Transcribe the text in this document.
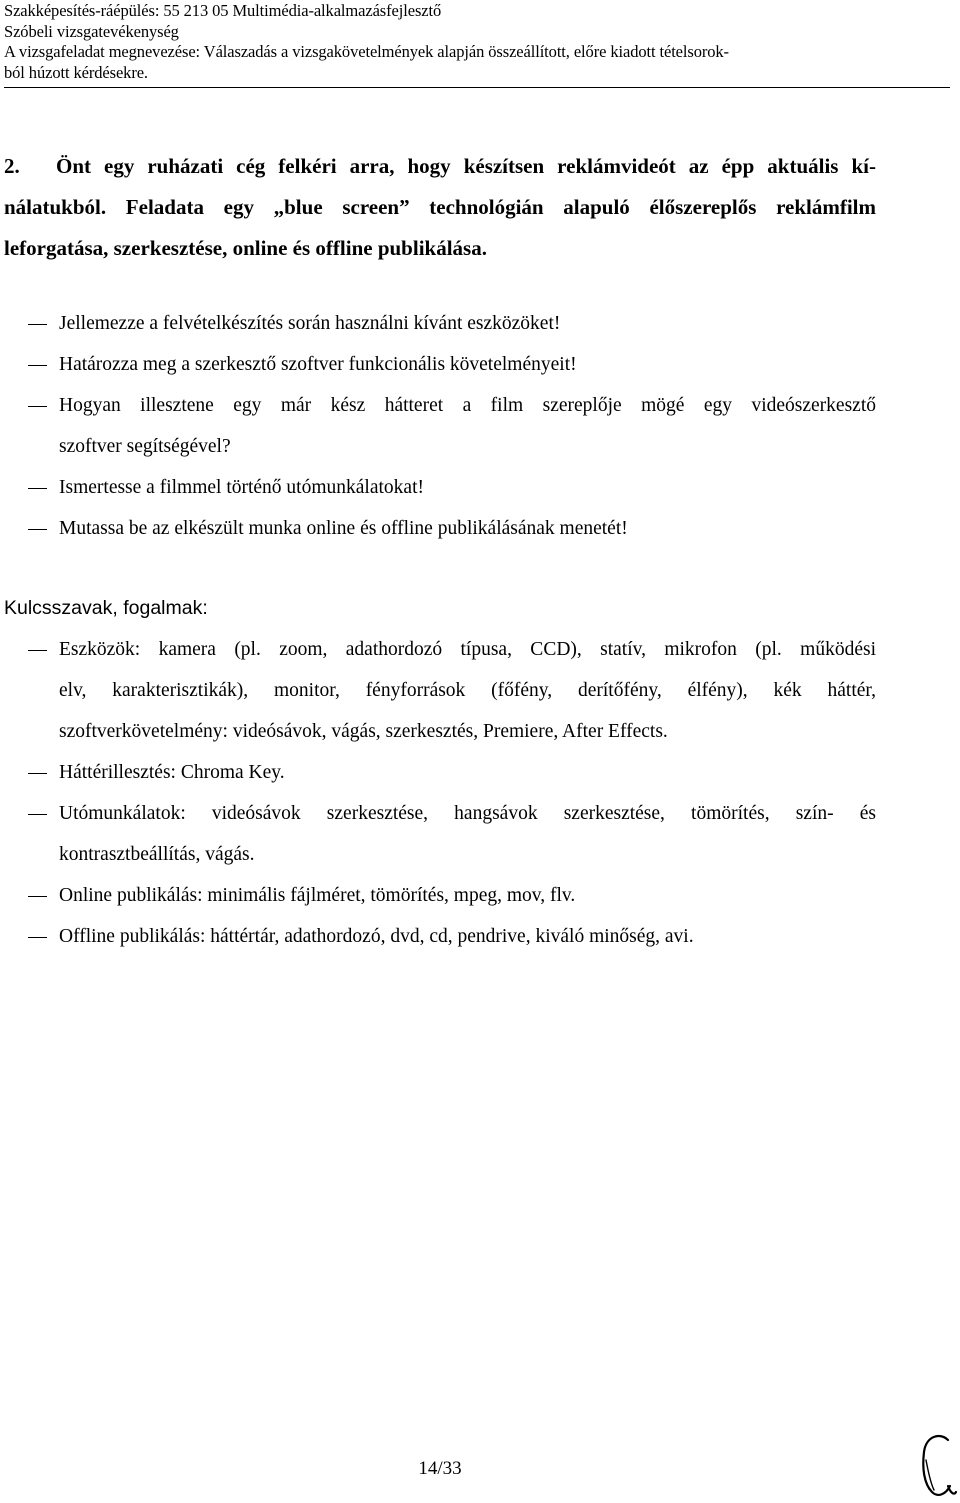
Szakképesítés-ráépülés: 55 213 05 Multimédia-alkalmazásfejlesztő
Szóbeli vizsgatevékenység
A vizsgafeladat megnevezése: Válaszadás a vizsgakövetelmények alapján összeállított, előre kiadott tételsorok-
ból húzott kérdésekre.
2. Önt egy ruházati cég felkéri arra, hogy készítsen reklámvideót az épp aktuális kí-
nálatukból. Feladata egy „blue screen” technológián alapuló élőszereplős reklámfilm
leforgatása, szerkesztése, online és offline publikálása.
Jellemezze a felvételkészítés során használni kívánt eszközöket!
Határozza meg a szerkesztő szoftver funkcionális követelményeit!
Hogyan illesztene egy már kész hátteret a film szereplője mögé egy videószerkesztő
szoftver segítségével?
Ismertesse a filmmel történő utómunkálatokat!
Mutassa be az elkészült munka online és offline publikálásának menetét!
Kulcsszavak, fogalmak:
Eszközök: kamera (pl. zoom, adathordozó típusa, CCD), statív, mikrofon (pl. működési
elv, karakterisztikák), monitor, fényforrások (főfény, derítőfény, élfény), kék háttér,
szoftverkövetelmény: videósávok, vágás, szerkesztés, Premiere, After Effects.
Háttérillesztés: Chroma Key.
Utómunkálatok: videósávok szerkesztése, hangsávok szerkesztése, tömörítés, szín- és
kontrasztbeállítás, vágás.
Online publikálás: minimális fájlméret, tömörítés, mpeg, mov, flv.
Offline publikálás: háttértár, adathordozó, dvd, cd, pendrive, kiváló minőség, avi.
14/33
